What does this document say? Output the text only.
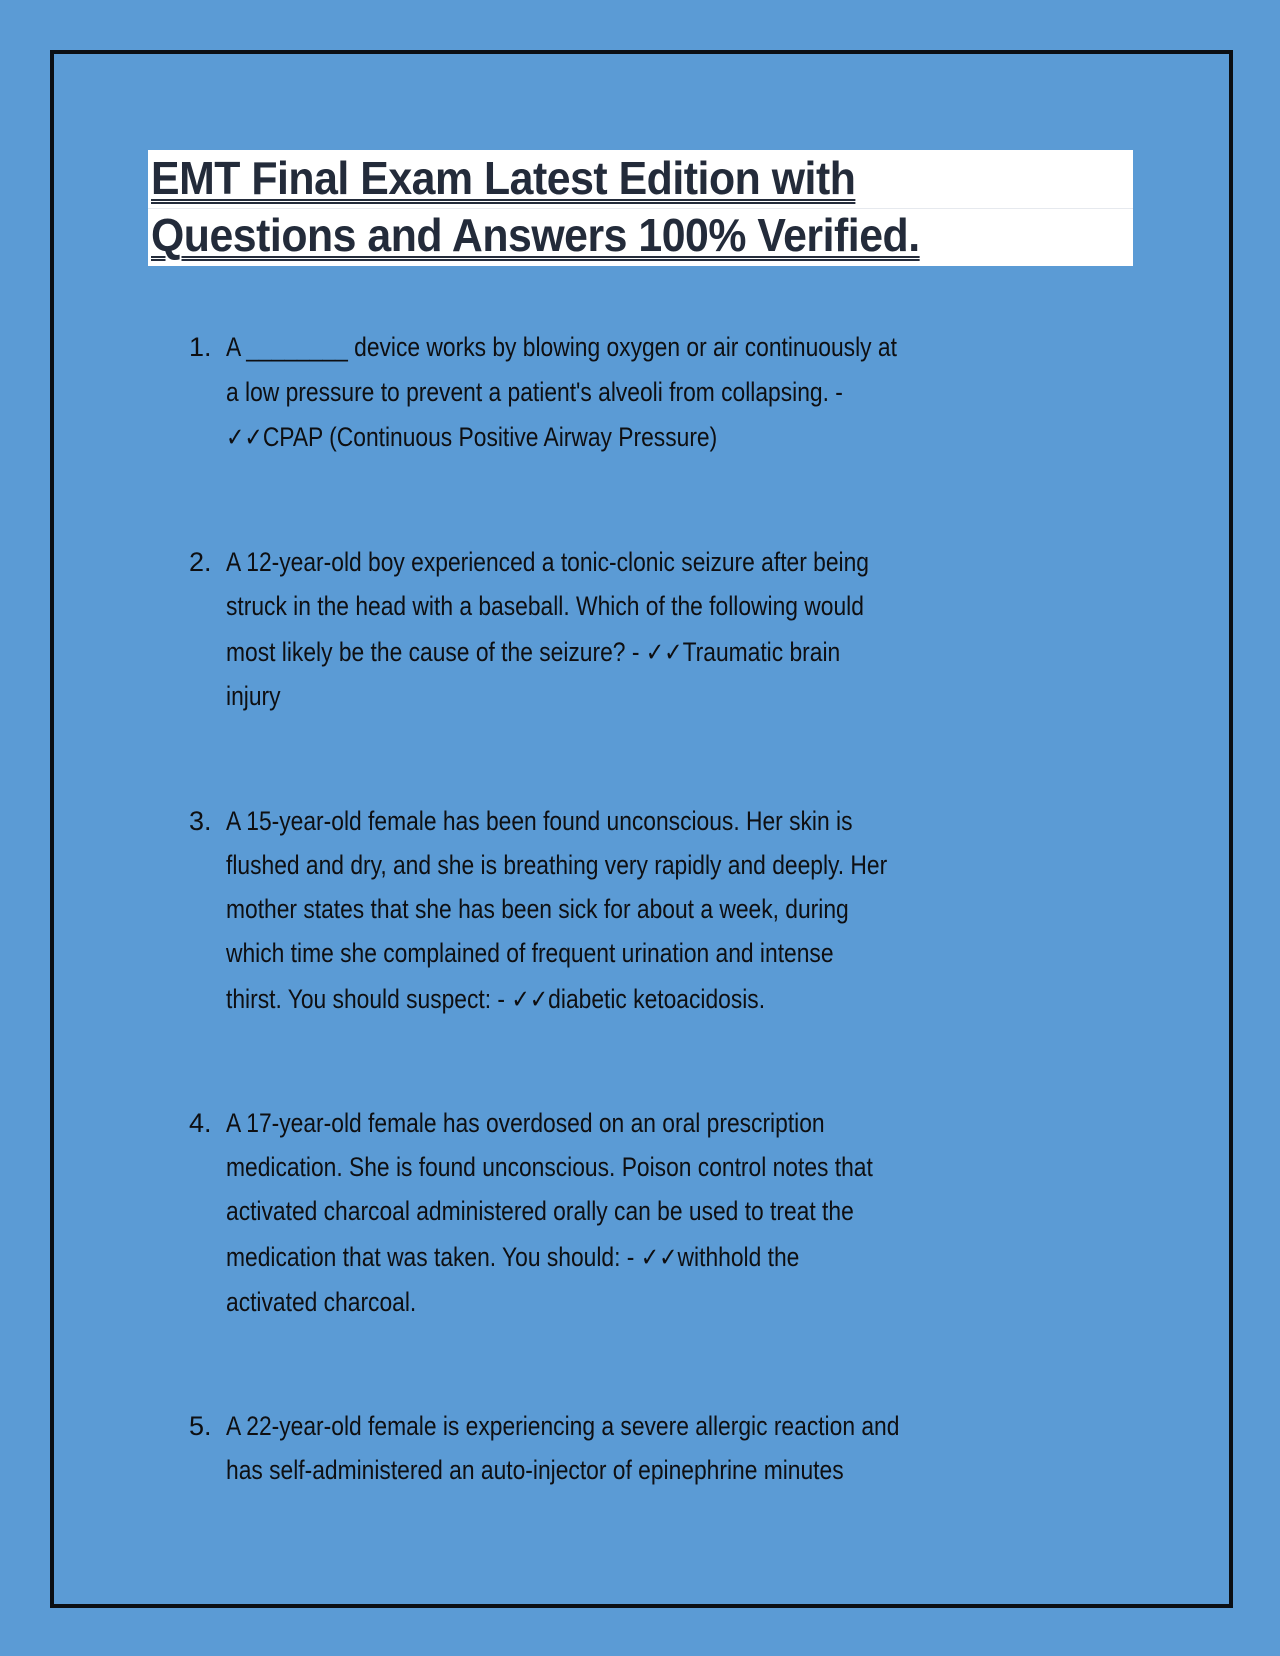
EMT Final Exam Latest Edition with
Questions and Answers 100% Verified.
1. A ________ device works by blowing oxygen or air continuously at
a low pressure to prevent a patient's alveoli from collapsing. -
✓✓CPAP (Continuous Positive Airway Pressure)
2. A 12-year-old boy experienced a tonic-clonic seizure after being
struck in the head with a baseball. Which of the following would
most likely be the cause of the seizure? - ✓✓Traumatic brain
injury
3. A 15-year-old female has been found unconscious. Her skin is
flushed and dry, and she is breathing very rapidly and deeply. Her
mother states that she has been sick for about a week, during
which time she complained of frequent urination and intense
thirst. You should suspect: - ✓✓diabetic ketoacidosis.
4. A 17-year-old female has overdosed on an oral prescription
medication. She is found unconscious. Poison control notes that
activated charcoal administered orally can be used to treat the
medication that was taken. You should: - ✓✓withhold the
activated charcoal.
5. A 22-year-old female is experiencing a severe allergic reaction and
has self-administered an auto-injector of epinephrine minutes
